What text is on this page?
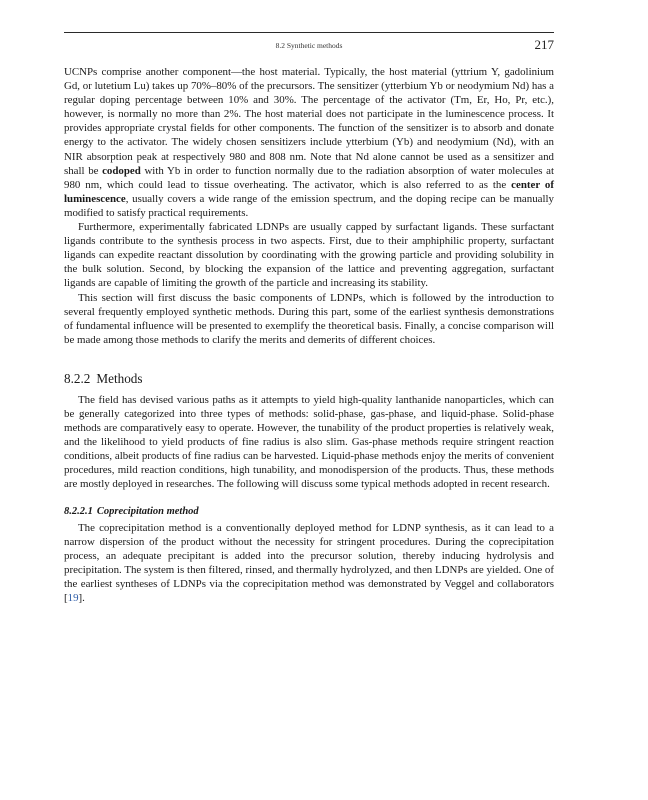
8.2 Synthetic methods	217

UCNPs comprise another component—the host material. Typically, the host material (yttrium Y, gadolinium Gd, or lutetium Lu) takes up 70%–80% of the precursors. The sensitizer (ytterbium Yb or neodymium Nd) has a regular doping percentage between 10% and 30%. The percentage of the activator (Tm, Er, Ho, Pr, etc.), however, is normally no more than 2%. The host material does not participate in the luminescence process. It provides appropriate crystal fields for other components. The function of the sensitizer is to absorb and donate energy to the activator. The widely chosen sensitizers include ytterbium (Yb) and neodymium (Nd), with an NIR absorption peak at respectively 980 and 808 nm. Note that Nd alone cannot be used as a sensitizer and shall be codoped with Yb in order to function normally due to the radiation absorption of water molecules at 980 nm, which could lead to tissue overheating. The activator, which is also referred to as the center of luminescence, usually covers a wide range of the emission spectrum, and the doping recipe can be manually modified to satisfy practical requirements.

Furthermore, experimentally fabricated LDNPs are usually capped by surfactant ligands. These surfactant ligands contribute to the synthesis process in two aspects. First, due to their amphiphilic property, surfactant ligands can expedite reactant dissolution by coordinating with the growing particle and providing solubility in the bulk solution. Second, by blocking the expansion of the lattice and preventing aggregation, surfactant ligands are capable of limiting the growth of the particle and increasing its stability.

This section will first discuss the basic components of LDNPs, which is followed by the introduction to several frequently employed synthetic methods. During this part, some of the earliest synthesis demonstrations of fundamental influence will be presented to exemplify the theoretical basis. Finally, a concise comparison will be made among those methods to clarify the merits and demerits of different choices.

8.2.2 Methods

The field has devised various paths as it attempts to yield high-quality lanthanide nanoparticles, which can be generally categorized into three types of methods: solid-phase, gas-phase, and liquid-phase. Solid-phase methods are comparatively easy to operate. However, the tunability of the product properties is relatively weak, and the likelihood to yield products of fine radius is also slim. Gas-phase methods require stringent reaction conditions, albeit products of fine radius can be harvested. Liquid-phase methods enjoy the merits of convenient procedures, mild reaction conditions, high tunability, and monodispersion of the products. Thus, these methods are mostly deployed in researches. The following will discuss some typical methods adopted in recent research.

8.2.2.1 Coprecipitation method

The coprecipitation method is a conventionally deployed method for LDNP synthesis, as it can lead to a narrow dispersion of the product without the necessity for stringent procedures. During the coprecipitation process, an adequate precipitant is added into the precursor solution, thereby inducing hydrolysis and precipitation. The system is then filtered, rinsed, and thermally hydrolyzed, and then LDNPs are yielded. One of the earliest syntheses of LDNPs via the coprecipitation method was demonstrated by Veggel and collaborators [19].
